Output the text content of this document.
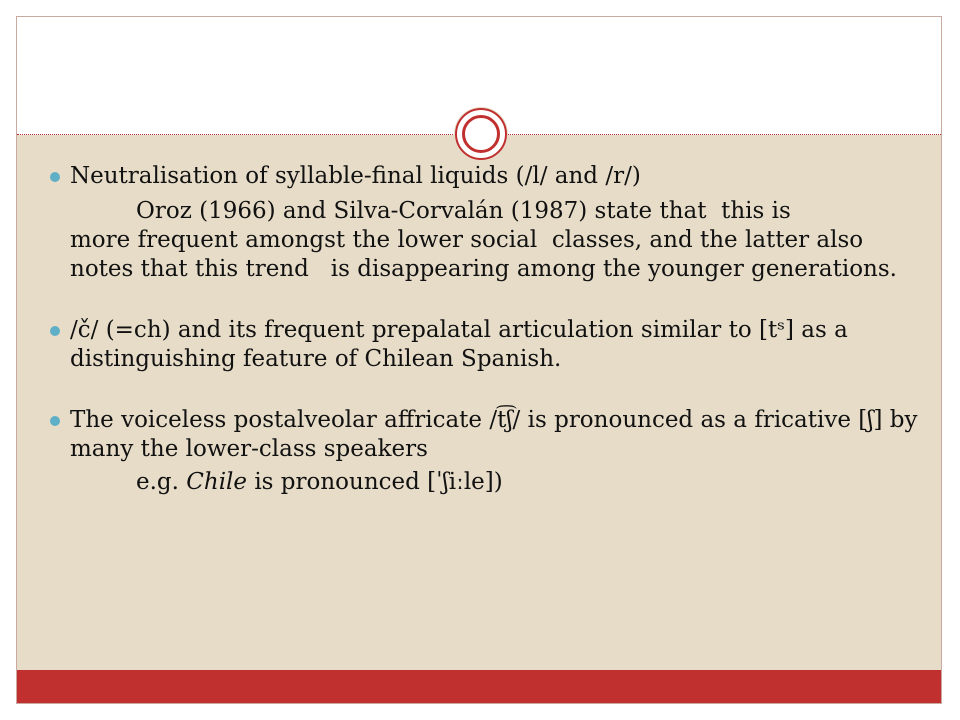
Neutralisation of syllable-final liquids (/l/ and /r/)
Oroz (1966) and Silva-Corvalán (1987) state that  this is
more frequent amongst the lower social  classes, and the latter also notes that this trend   is disappearing among the younger generations.
/č/ (=ch) and its frequent prepalatal articulation similar to [tˢ] as a distinguishing feature of Chilean Spanish.
The voiceless postalveolar affricate /t͡ʃ/ is pronounced as a fricative [ʃ] by many the lower-class speakers
e.g. Chile is pronounced [ˈʃiːle])
